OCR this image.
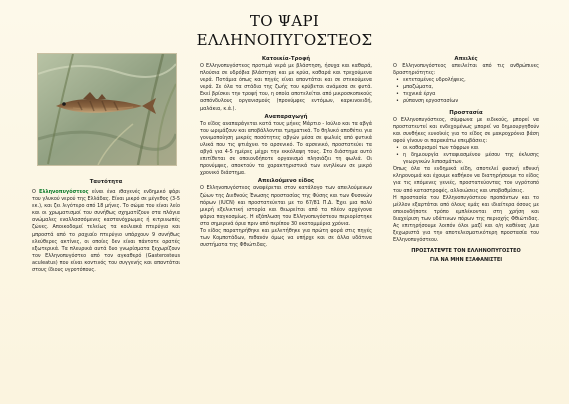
ΤΟ ΨΑΡΙ
ΕΛΛΗΝΟΠΥΓΟΣΤΕΟΣ

Ταυτότητα

Ο Ελληνοπυγόστεος είναι ένα ιθαγενές ενδημικό ψάρι του γλυκού νερού της Ελλάδας. Είναι μικρό σε μέγεθος (3-5 εκ.), και ζει λιγότερο από 18 μήνες. Το σώμα του είναι λείο και οι χρωματισμοί του συνήθως σχηματίζουν στα πλάγια ανώμαλες εναλλασσόμενες καστανόχρωμες ή κιτρινωπές ζώνες. Αποικοδομεί τελείως τα κοιλιακά πτερύγια και μπροστά από το ραχιαίο πτερύγιο υπάρχουν 9 συνήθως ελεύθερες ακτίνες, οι οποίες δεν είναι πάντοτε ορατές εξωτερικά. Τα πλευρικά αυτά δυο γνωρίσματα ξεχωρίζουν τον Ελληνοπυγόστεο από τον αγκαθερό (Gasterosteus aculeatus) που είναι κοντινός του συγγενής και απαντάται στους ίδιους υγροτόπους.

Κατοικία-Τροφή

Ο Ελληνοπυγόστεος προτιμά νερά με βλάστηση, ήσυχα και καθαρά, πλούσια σε υδρόβια βλάστηση και με κρύα, καθαρά και τρεχούμενα νερά. Ποτάμια όπως και πηγές είναι απαντάται και σε στεκούμενα νερά. Σε όλα τα στάδια της ζωής του κρύβεται ανάμεσα σε φυτά. Εκεί βρίσκει την τροφή του, η οποία αποτελείται από μικροσκοπικούς ασπόνδυλους οργανισμούς (προνύμφες εντόμων, καρκινοειδή, μαλάκια, κ.ά.).

Αναπαραγωγή

Το είδος αναπαράγεται κατά τους μήνες Μάρτιο - Ιούλιο και τα αβγά του ωριμάζουν και αποβάλλονται τμηματικά. Το θηλυκό αποθέτει για γονιμοποίηση μικρές ποσότητες αβγών μέσα σε φωλιές από φυτικά υλικά που τις φτιάχνει το αρσενικό. Το αρσενικό, προστατεύει τα αβγά για 4-5 ημέρες μέχρι την εκκόλαψη τους. Στο διάστημα αυτό επιτίθεται σε οποιονδήποτε οργανισμό πλησιάζει τη φωλιά. Οι προνύμφες, αποκτούν τα χαρακτηριστικά των ενηλίκων σε μικρό χρονικό διάστημα.

Απειλούμενο είδος

Ο Ελληνοπυγόστεος αναφέρεται στον κατάλογο των απειλούμενων ζώων της Διεθνούς Ένωσης προστασίας της Φύσης και των Φυσικών πόρων (IUCN) και προστατεύεται με το 67/81 Π.Δ. Έχει μια πολύ μικρή εξελικτική ιστορία και θεωρείται από τα πλέον αρχέγονα ψάρια παγκοσμίως. Η εξάπλωση του Ελληνοπυγόστεου περιορίστηκε στα σημερινά όρια πριν από περίπου 30 εκατομμύρια χρόνια.

Το είδος παρατηρήθηκε και μελετήθηκε για πρώτη φορά στις πηγές των Κομποτάδων, πιθανόν όμως να υπήρχε και σε άλλα υδάτινα συστήματα της Φθιώτιδας.

Απειλές

Ο Ελληνοπυγόστεος απειλείται από τις ανθρώπινες δραστηριότητες:

• εκτεταμένες υδρολήψεις,
• μπαζώματα,
• τεχνικά έργα
• ρύπανση εργοστασίων

Προστασία

Ο Ελληνοπυγόστεος, σύμφωνα με ειδικούς, μπορεί να προστατευτεί και ενδεχομένως μπορεί να δημιουργηθούν και συνθήκες ευνοϊκές για το είδος σε μακροχρόνια βάση αφού γίνουν οι παρακάτω επεμβάσεις:

• οι καθαρισμοί των τάφρων και
• η δημιουργία ενταφιασμένου μέσου της έκλυσης γεωργικών λιπασμάτων.

Όπως όλα τα ενδημικά είδη, αποτελεί φυσική εθνική κληρονομιά και έχουμε καθήκον να διατηρήσουμε το είδος για τις επόμενες γενιές, προστατεύοντας τον υγρότοπό του από καταστροφές, αλλοιώσεις και υποβαθμίσεις.

Η προστασία του Ελληνοπυγόστεου προπάντων και το μέλλον εξαρτάται από όλους εμάς και ιδιαίτερα όσους με οποιονδήποτε τρόπο εμπλέκονται στη χρήση και διαχείριση των υδάτινων πόρων της περιοχής Φθιώτιδας. Ας επιτηρήσουμε λοιπόν όλοι μαζί και ο/η καθένας /μια ξεχωριστά για την αποτελεσματικότερη προστασία του Ελληνοπυγόστεου.

ΠΡΟΣΤΑΤΕΨΤΕ ΤΟΝ ΕΛΛΗΝΟΠΥΓΟΣΤΕΟ

ΓΙΑ ΝΑ ΜΗΝ ΕΞΑΦΑΝΙΣΤΕΙ
